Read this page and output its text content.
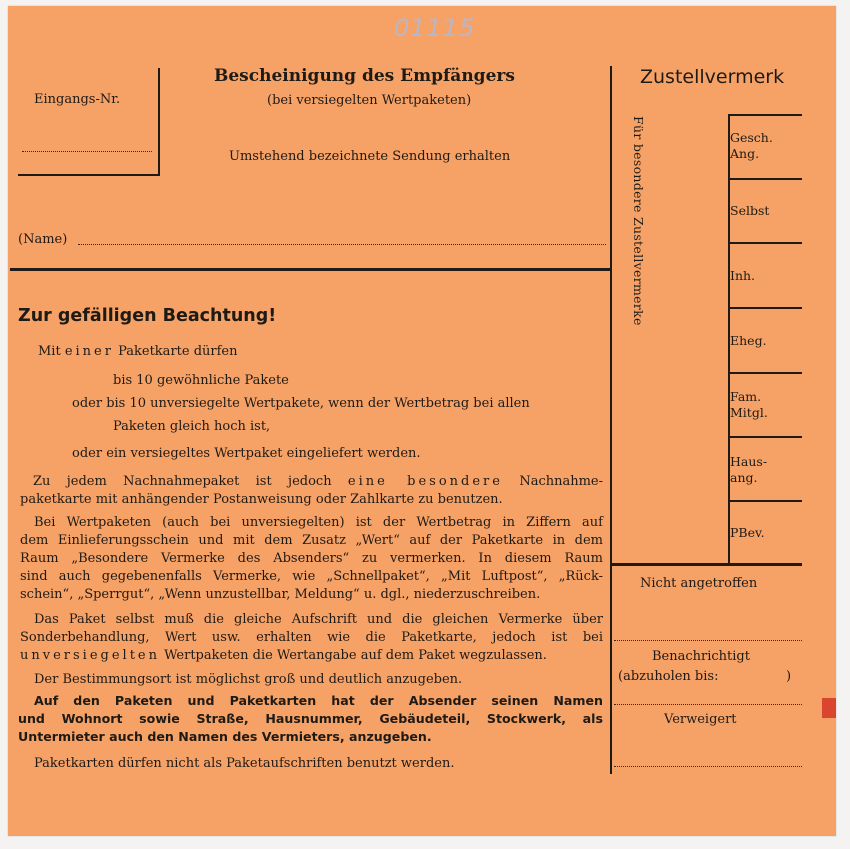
01115
Eingangs-Nr.
Bescheinigung des Empfängers
(bei versiegelten Wertpaketen)
Umstehend bezeichnete Sendung erhalten
(Name)
Zur gefälligen Beachtung!
Mit einer Paketkarte dürfen
bis 10 gewöhnliche Pakete
oder bis 10 unversiegelte Wertpakete, wenn der Wertbetrag bei allen
Paketen gleich hoch ist,
oder ein versiegeltes Wertpaket eingeliefert werden.
 Zu jedem Nachnahmepaket ist jedoch eine besondere Nachnahme-
paketkarte mit anhängender Postanweisung oder Zahlkarte zu benutzen.
Bei Wertpaketen (auch bei unversiegelten) ist der Wertbetrag in Ziffern auf
dem Einlieferungsschein und mit dem Zusatz „Wert“ auf der Paketkarte in dem
Raum „Besondere Vermerke des Absenders“ zu vermerken. In diesem Raum
sind auch gegebenenfalls Vermerke, wie „Schnellpaket“, „Mit Luftpost“, „Rück-
schein“, „Sperrgut“, „Wenn unzustellbar, Meldung“ u. dgl., niederzuschreiben.
Das Paket selbst muß die gleiche Aufschrift und die gleichen Vermerke über
Sonderbehandlung, Wert usw. erhalten wie die Paketkarte, jedoch ist bei
unversiegelten Wertpaketen die Wertangabe auf dem Paket wegzulassen.
Der Bestimmungsort ist möglichst groß und deutlich anzugeben.
Auf den Paketen und Paketkarten hat der Absender seinen Namen
und Wohnort sowie Straße, Hausnummer, Gebäudeteil, Stockwerk, als
Untermieter auch den Namen des Vermieters, anzugeben.
Paketkarten dürfen nicht als Paketaufschriften benutzt werden.
Zustellvermerk
Für besondere Zustellvermerke	Gesch.
Ang.
Selbst
Inh.
Eheg.
Fam.
Mitgl.
Haus-
ang.
PBev.
Nicht angetroffen
Benachrichtigt
(abzuholen bis:	)
Verweigert
